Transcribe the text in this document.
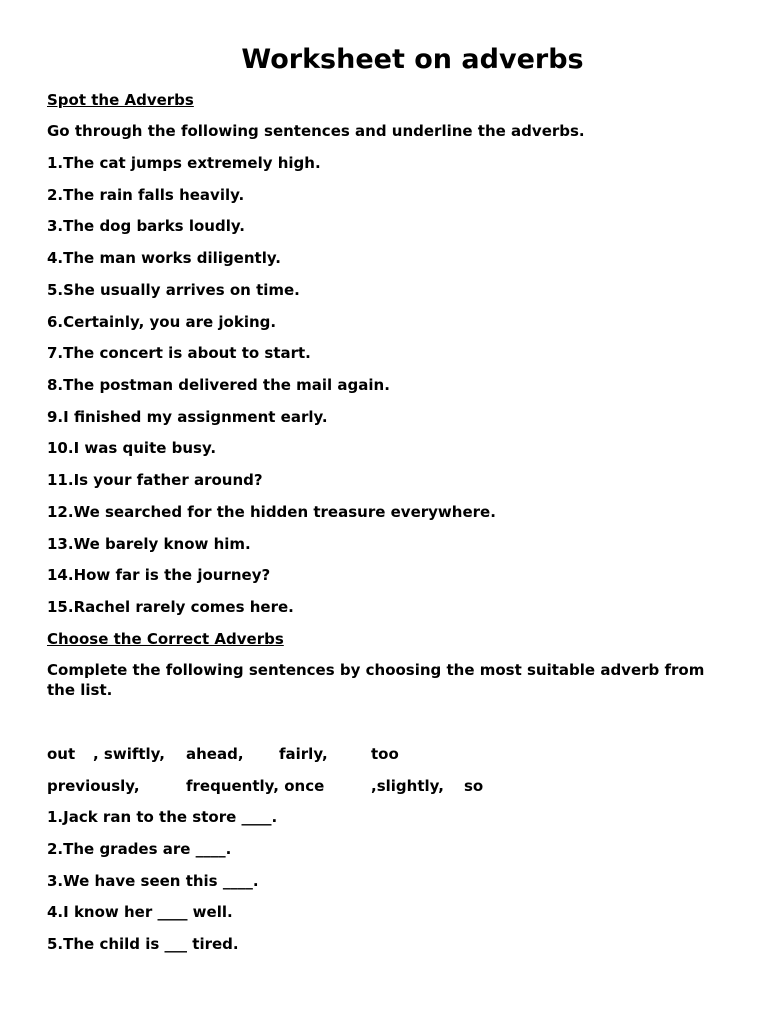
Worksheet on adverbs
Spot the Adverbs
Go through the following sentences and underline the adverbs.
1.The cat jumps extremely high.
2.The rain falls heavily.
3.The dog barks loudly.
4.The man works diligently.
5.She usually arrives on time.
6.Certainly, you are joking.
7.The concert is about to start.
8.The postman delivered the mail again.
9.I finished my assignment early.
10.I was quite busy.
11.Is your father around?
12.We searched for the hidden treasure everywhere.
13.We barely know him.
14.How far is the journey?
15.Rachel rarely comes here.
Choose the Correct Adverbs
Complete the following sentences by choosing the most suitable adverb from the list.
out , swiftly, ahead, fairly,	too
previously,	frequently, once	,slightly, so
1.Jack ran to the store ____.
2.The grades are ____.
3.We have seen this ____.
4.I know her ____ well.
5.The child is ___ tired.
